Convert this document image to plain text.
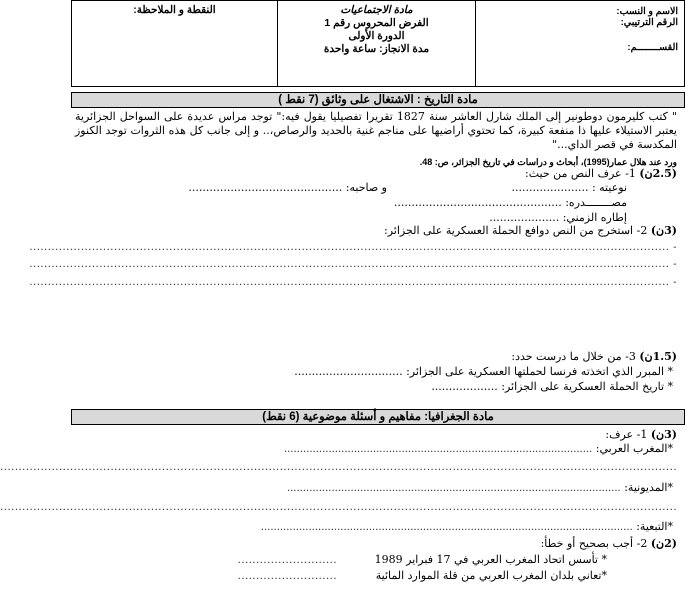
الاسم و النسب:
الرقم الترتيبي:
القســــــــم:
مادة الاجتماعيات
الفرض المحروس رقم 1
الدورة الأولى
مدة الانجاز: ساعة واحدة
النقطة و الملاحظة:
مادة التاريخ : الاشتغال على وثائق (7 نقط )
" كتب كليرمون دوطونير إلى الملك شارل العاشر سنة 1827 تقريرا تفصيليا يقول فيه:" توجد مراس عديدة على السواحل الجزائرية يعتبر الاستيلاء عليها ذا منفعة كبيرة، كما تحتوي أراضيها على مناجم غنية بالحديد والرصاص،.. و إلى جانب كل هذه الثروات توجد الكنوز المكدسة في قصر الداي..."
ورد عند هلال عمار(1995)، أبحاث و دراسات في تاريخ الجزائر، ص: 48.
(2.5ن) 1- عرف النص من حيث:
نوعيته : ......................
و صاحبه: ............................................
مصــــــــدره: ................................................
إطاره الزمني: ....................
(3ن) 2- استخرج من النص دوافع الحملة العسكرية على الجزائر:
- ..............................................................................................................................................................................
- ..............................................................................................................................................................................
- ..............................................................................................................................................................................
(1.5ن) 3- من خلال ما درست حدد:
* المبرر الذي اتخذته فرنسا لحملتها العسكرية على الجزائر: ...............................
* تاريخ الحملة العسكرية على الجزائر: ...................
مادة الجغرافيا: مفاهيم و أسئلة موضوعية (6 نقط)
(3ن) 1- عرف:
*المغرب العربي: .................................................................................................
........................................................................................................................................................................................
*المديونية: .........................................................................................................
........................................................................................................................................................................................
*التبعية: .....................................................................................................................
(2ن) 2- أجب بصحيح أو خطأ:
* تأسس اتحاد المغرب العربي في 17 فبراير 1989
...........................
*تعاني بلدان المغرب العربي من قلة الموارد المائية
...........................
